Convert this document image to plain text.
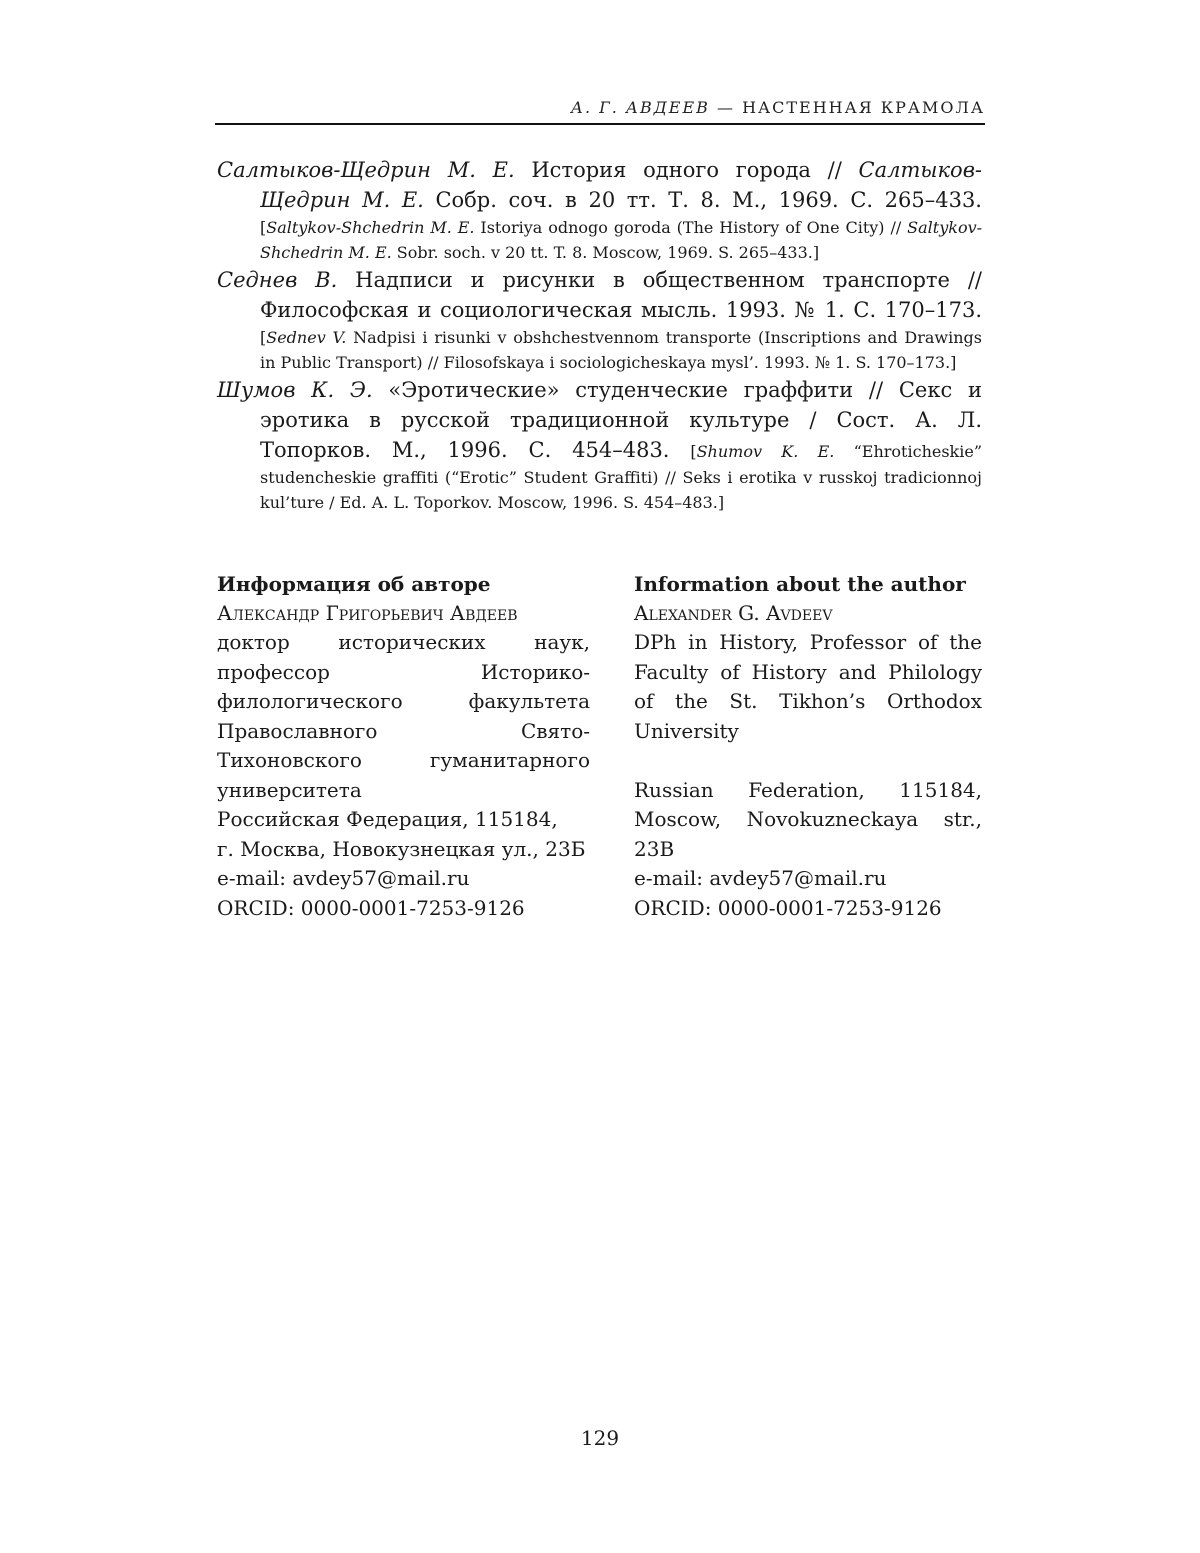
А. Г. АВДЕЕВ — НАСТЕННАЯ КРАМОЛА

Салтыков-Щедрин М. Е. История одного города // Салтыков-Щедрин М. Е. Собр. соч. в 20 тт. Т. 8. М., 1969. С. 265–433. [Saltykov-Shchedrin M. E. Istoriya odnogo goroda (The History of One City) // Saltykov-Shchedrin M. E. Sobr. soch. v 20 tt. T. 8. Moscow, 1969. S. 265–433.]

Седнев В. Надписи и рисунки в общественном транспорте // Философская и социологическая мысль. 1993. № 1. С. 170–173. [Sednev V. Nadpisi i risunki v obshchestvennom transporte (Inscriptions and Drawings in Public Transport) // Filosofskaya i sociologicheskaya mysl’. 1993. № 1. S. 170–173.]

Шумов К. Э. «Эротические» студенческие граффити // Секс и эротика в русской традиционной культуре / Сост. А. Л. Топорков. М., 1996. С. 454–483. [Shumov K. E. “Ehroticheskie” studencheskie graffiti (“Erotic” Student Graffiti) // Seks i erotika v russkoj tradicionnoj kul’ture / Ed. A. L. Toporkov. Moscow, 1996. S. 454–483.]

Информация об авторе
Александр Григорьевич Авдеев

доктор исторических наук, профессор Историко-филологического факультета Православного Свято-Тихоновского гуманитарного университета

Российская Федерация, 115184,

г. Москва, Новокузнецкая ул., 23Б

e-mail: avdey57@mail.ru

ORCID: 0000-0001-7253-9126

Information about the author
Alexander G. Avdeev

DPh in History, Professor of the Faculty of History and Philology of the St. Tikhon’s Orthodox University

Russian Federation, 115184, Moscow, Novokuzneckaya str., 23B

e-mail: avdey57@mail.ru

ORCID: 0000-0001-7253-9126

129
